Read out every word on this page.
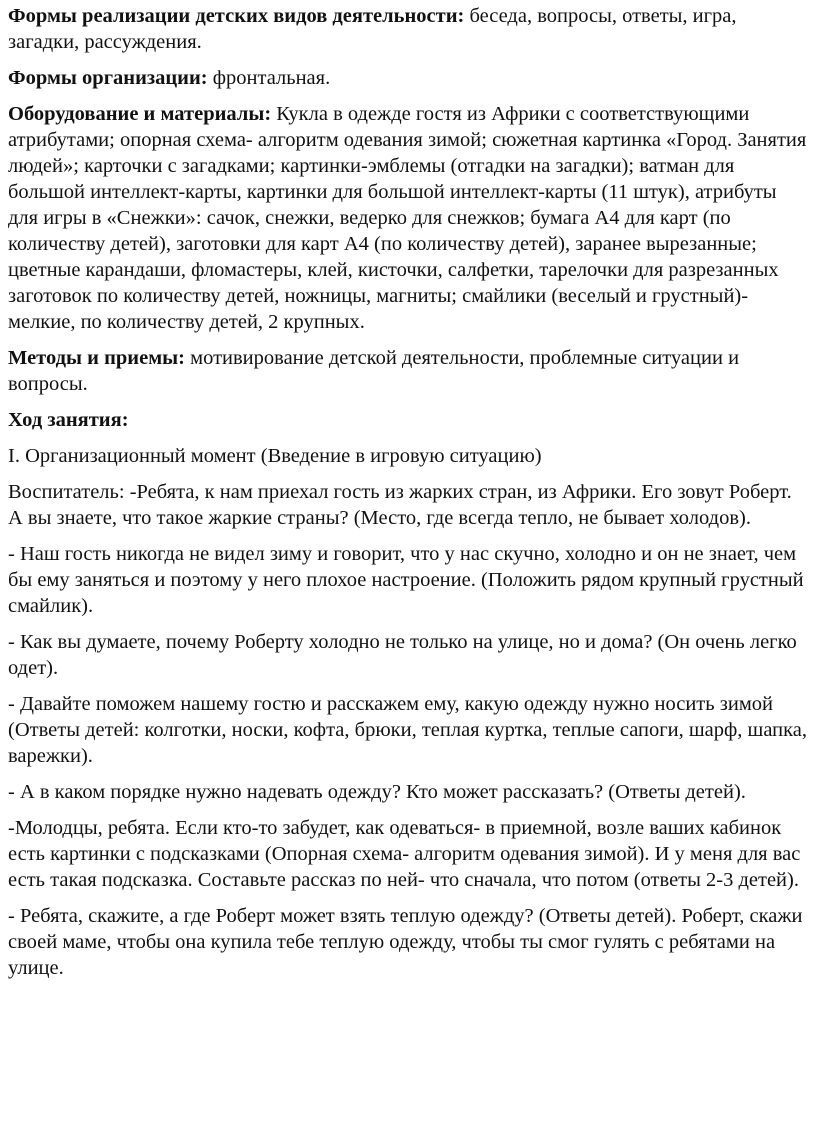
Формы реализации детских видов деятельности: беседа, вопросы, ответы, игра, загадки, рассуждения.

Формы организации: фронтальная.

Оборудование и материалы: Кукла в одежде гостя из Африки с соответствующими атрибутами; опорная схема- алгоритм одевания зимой; сюжетная картинка «Город. Занятия людей»; карточки с загадками; картинки-эмблемы (отгадки на загадки); ватман для большой интеллект-карты, картинки для большой интеллект-карты (11 штук), атрибуты для игры в «Снежки»: сачок, снежки, ведерко для снежков; бумага А4 для карт (по количеству детей), заготовки для карт А4 (по количеству детей), заранее вырезанные; цветные карандаши, фломастеры, клей, кисточки, салфетки, тарелочки для разрезанных заготовок по количеству детей, ножницы, магниты; смайлики (веселый и грустный)- мелкие, по количеству детей, 2 крупных.

Методы и приемы: мотивирование детской деятельности, проблемные ситуации и вопросы.

Ход занятия:

I. Организационный момент (Введение в игровую ситуацию)

Воспитатель: -Ребята, к нам приехал гость из жарких стран, из Африки. Его зовут Роберт. А вы знаете, что такое жаркие страны? (Место, где всегда тепло, не бывает холодов).

- Наш гость никогда не видел зиму и говорит, что у нас скучно, холодно и он не знает, чем бы ему заняться и поэтому у него плохое настроение. (Положить рядом крупный грустный смайлик).

- Как вы думаете, почему Роберту холодно не только на улице, но и дома? (Он очень легко одет).

- Давайте поможем нашему гостю и расскажем ему, какую одежду нужно носить зимой (Ответы детей: колготки, носки, кофта, брюки, теплая куртка, теплые сапоги, шарф, шапка, варежки).

- А в каком порядке нужно надевать одежду? Кто может рассказать? (Ответы детей).

-Молодцы, ребята. Если кто-то забудет, как одеваться- в приемной, возле ваших кабинок есть картинки с подсказками (Опорная схема- алгоритм одевания зимой). И у меня для вас есть такая подсказка. Составьте рассказ по ней- что сначала, что потом (ответы 2-3 детей).

- Ребята, скажите, а где Роберт может взять теплую одежду? (Ответы детей). Роберт, скажи своей маме, чтобы она купила тебе теплую одежду, чтобы ты смог гулять с ребятами на улице.
